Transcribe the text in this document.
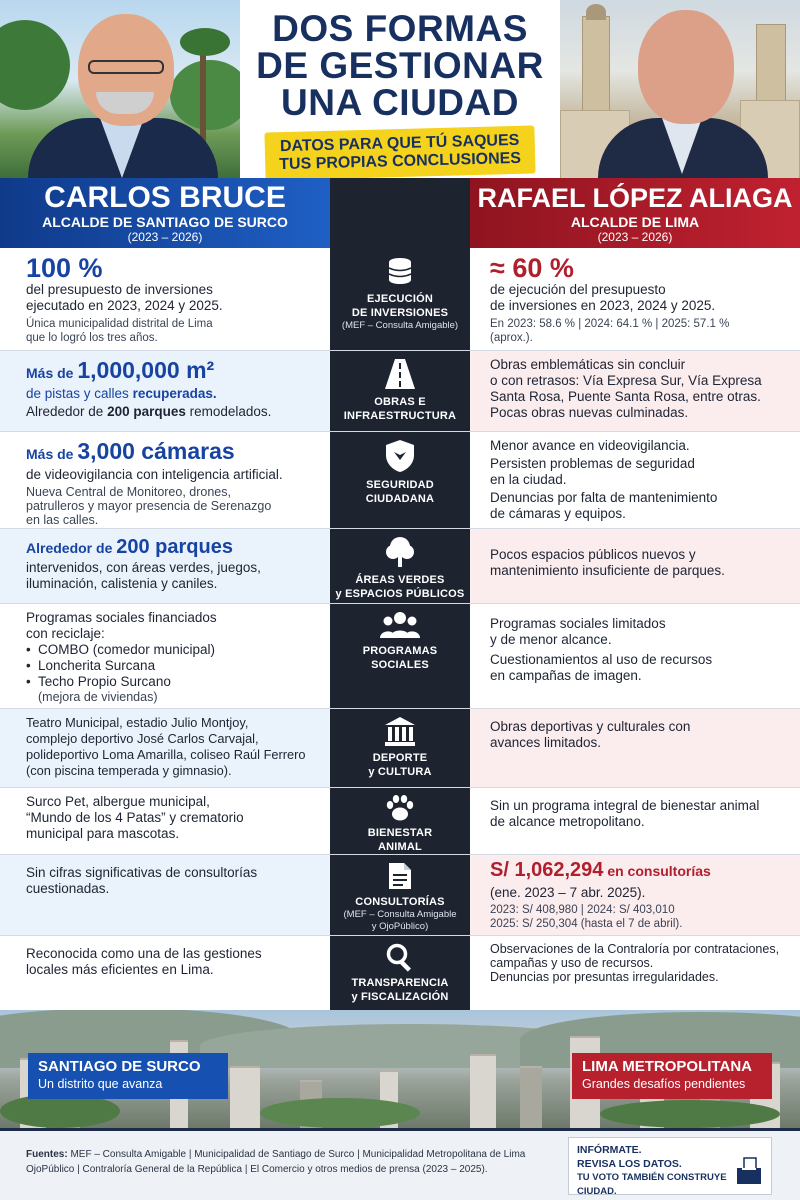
DOS FORMAS
DE GESTIONAR
UNA CIUDAD
DATOS PARA QUE TÚ SAQUES
TUS PROPIAS CONCLUSIONES
CARLOS BRUCE
ALCALDE DE SANTIAGO DE SURCO
(2023 – 2026)
RAFAEL LÓPEZ ALIAGA
ALCALDE DE LIMA
(2023 – 2026)
100 %
del presupuesto de inversiones
ejecutado en 2023, 2024 y 2025.
Única municipalidad distrital de Lima
que lo logró los tres años.
EJECUCIÓN
DE INVERSIONES
(MEF – Consulta Amigable)
≈ 60 %
de ejecución del presupuesto
de inversiones en 2023, 2024 y 2025.
En 2023: 58.6 % | 2024: 64.1 % | 2025: 57.1 %
(aprox.).
Más de 1,000,000 m²
de pistas y calles recuperadas.
Alrededor de 200 parques remodelados.
OBRAS E
INFRAESTRUCTURA
Obras emblemáticas sin concluir
o con retrasos: Vía Expresa Sur, Vía Expresa
Santa Rosa, Puente Santa Rosa, entre otras.
Pocas obras nuevas culminadas.
Más de 3,000 cámaras
de videovigilancia con inteligencia artificial.
Nueva Central de Monitoreo, drones,
patrulleros y mayor presencia de Serenazgo
en las calles.
SEGURIDAD
CIUDADANA
Menor avance en videovigilancia.
Persisten problemas de seguridad
en la ciudad.
Denuncias por falta de mantenimiento
de cámaras y equipos.
Alrededor de 200 parques
intervenidos, con áreas verdes, juegos,
iluminación, calistenia y caniles.	ÁREAS VERDES
y ESPACIOS PÚBLICOS
Pocos espacios públicos nuevos y
mantenimiento insuficiente de parques.
Programas sociales financiados
con reciclaje:
• COMBO (comedor municipal)
• Loncherita Surcana
• Techo Propio Surcano
(mejora de viviendas)
PROGRAMAS
SOCIALES
Programas sociales limitados
y de menor alcance.
Cuestionamientos al uso de recursos
en campañas de imagen.
Teatro Municipal, estadio Julio Montjoy,
complejo deportivo José Carlos Carvajal,
polideportivo Loma Amarilla, coliseo Raúl Ferrero
(con piscina temperada y gimnasio).
DEPORTE
y CULTURA
Obras deportivas y culturales con
avances limitados.
Surco Pet, albergue municipal,
“Mundo de los 4 Patas” y crematorio
municipal para mascotas.	BIENESTAR
ANIMAL
Sin un programa integral de bienestar animal
de alcance metropolitano.
Sin cifras significativas de consultorías
cuestionadas.
CONSULTORÍAS
(MEF – Consulta Amigable
y OjoPúblico)
S/ 1,062,294 en consultorías
(ene. 2023 – 7 abr. 2025).
2023: S/ 408,980 | 2024: S/ 403,010
2025: S/ 250,304 (hasta el 7 de abril).
Reconocida como una de las gestiones
locales más eficientes en Lima.
TRANSPARENCIA
y FISCALIZACIÓN
Observaciones de la Contraloría por contrataciones,
campañas y uso de recursos.
Denuncias por presuntas irregularidades.
SANTIAGO DE SURCO
Un distrito que avanza
LIMA METROPOLITANA
Grandes desafíos pendientes
Fuentes: MEF – Consulta Amigable | Municipalidad de Santiago de Surco | Municipalidad Metropolitana de Lima
OjoPúblico | Contraloría General de la República | El Comercio y otros medios de prensa (2023 – 2025).
INFÓRMATE.
REVISA LOS DATOS.
TU VOTO TAMBIÉN CONSTRUYE CIUDAD.
